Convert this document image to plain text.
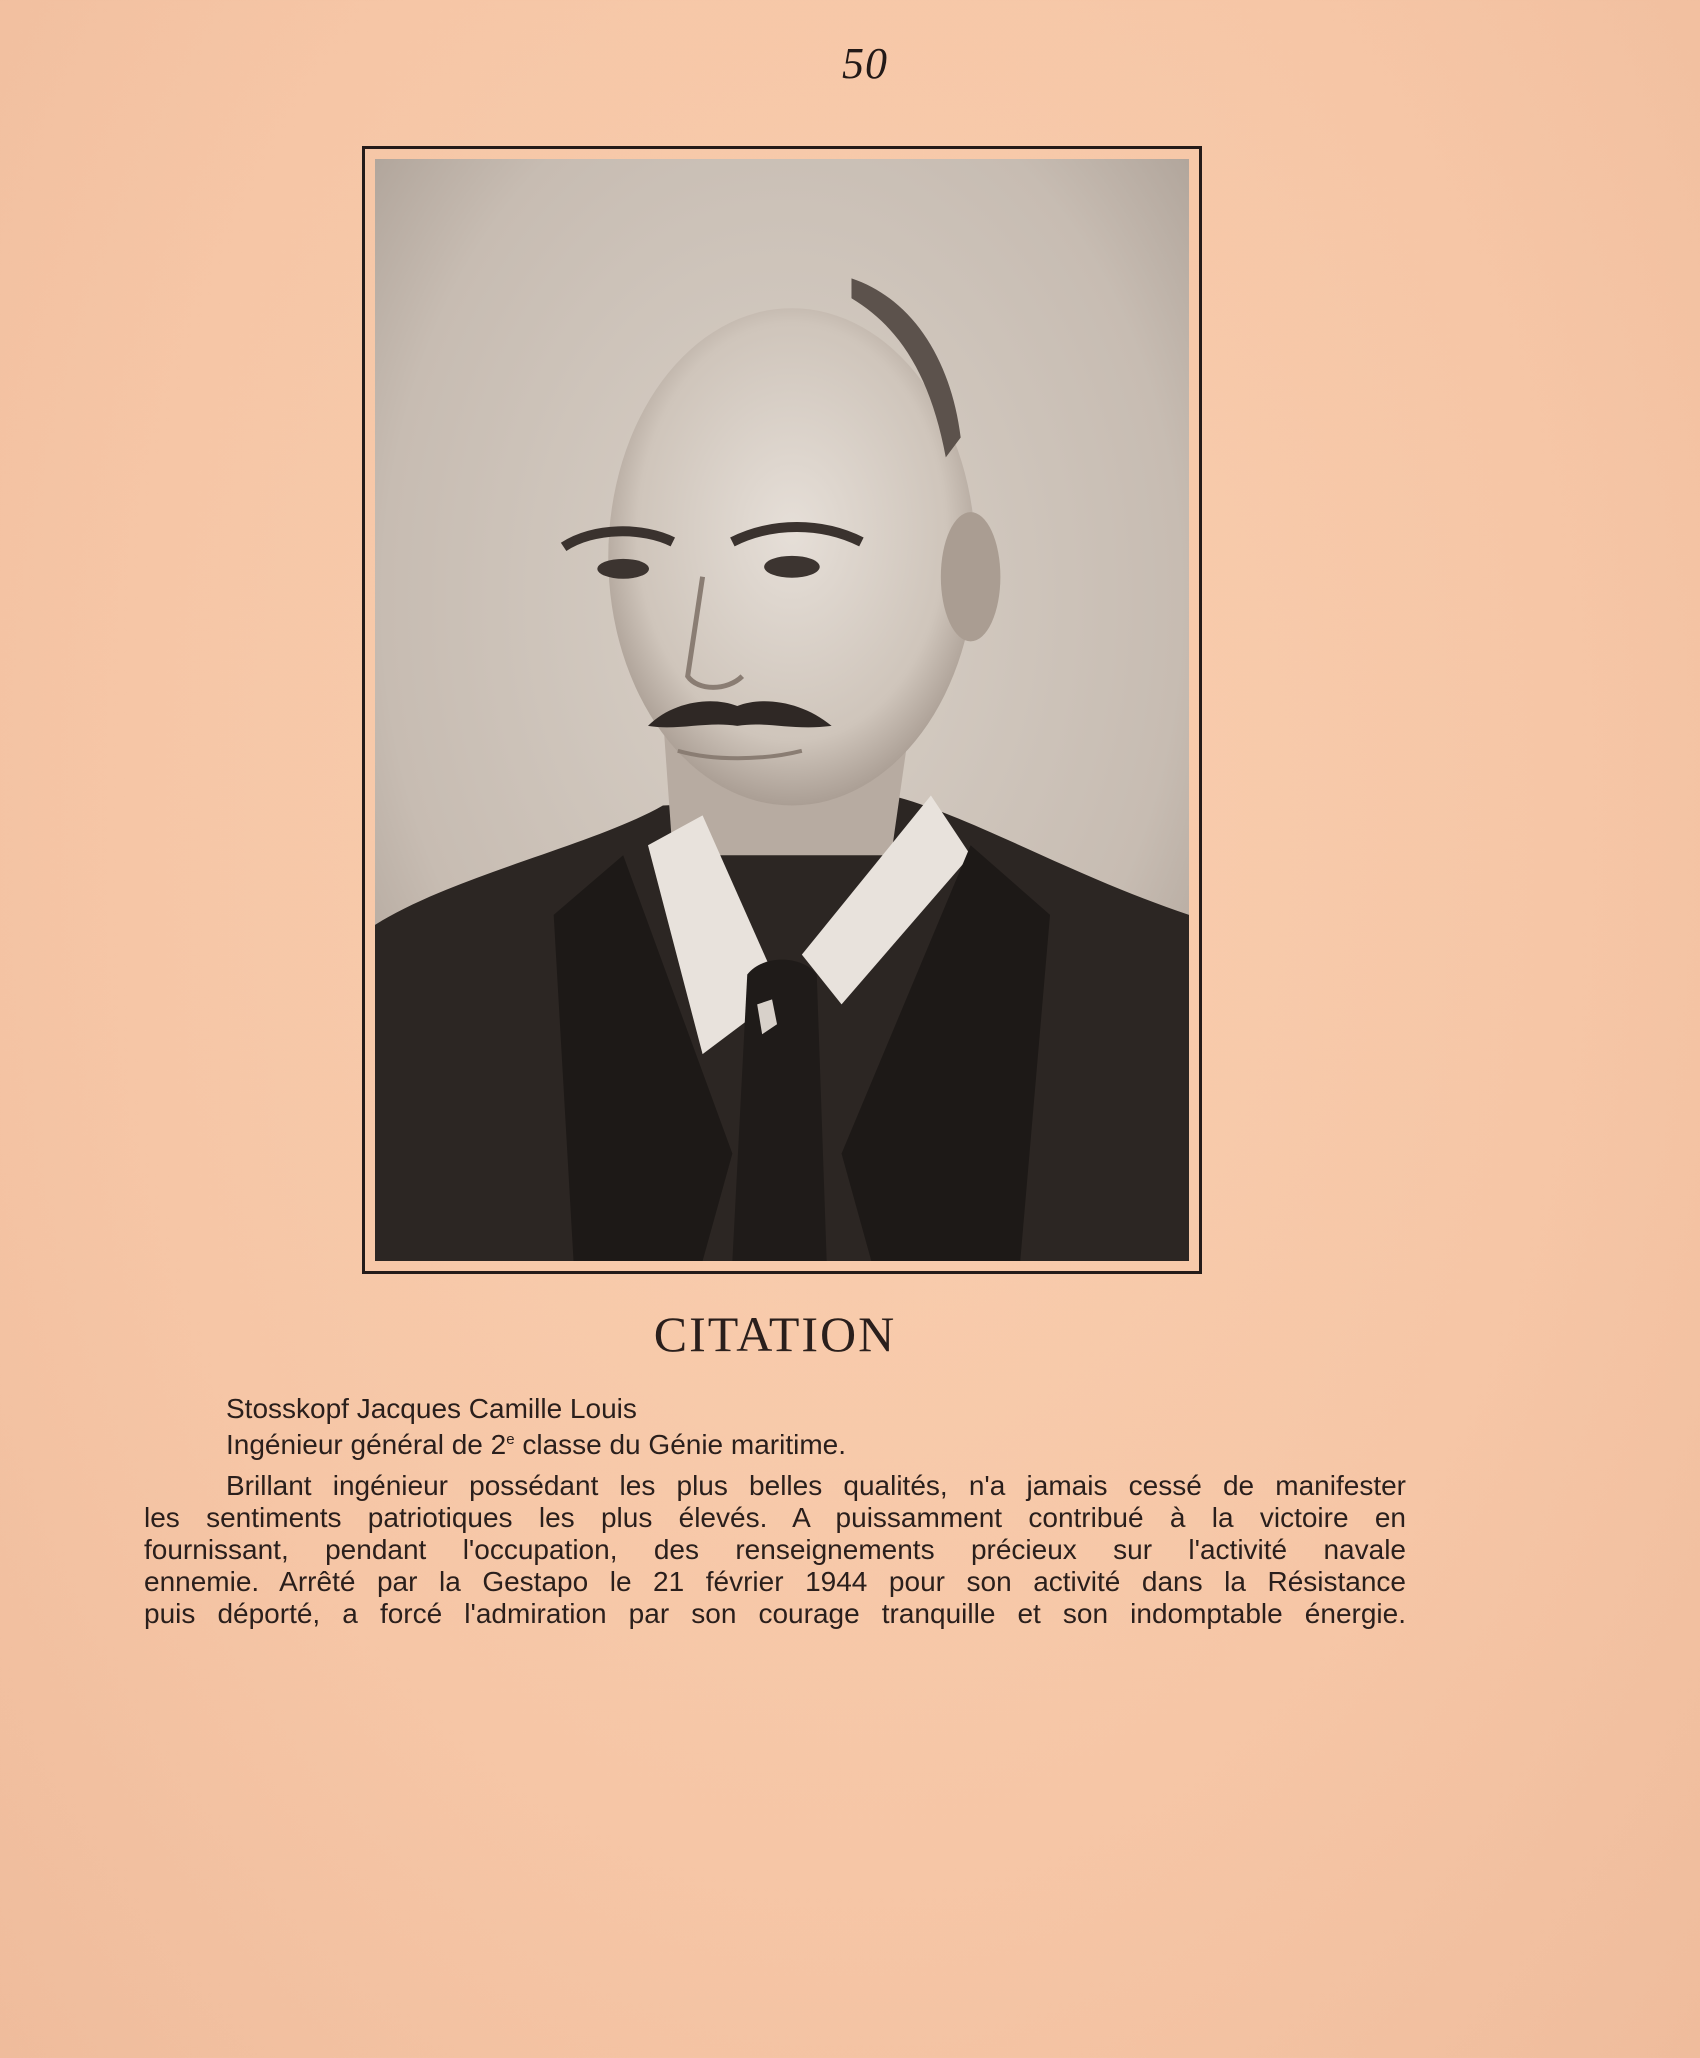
50
CITATION
Stosskopf Jacques Camille Louis
Ingénieur général de 2e classe du Génie maritime.
Brillant ingénieur possédant les plus belles qualités, n'a jamais cessé de manifester
les sentiments patriotiques les plus élevés. A puissamment contribué à la victoire en
fournissant, pendant l'occupation, des renseignements précieux sur l'activité navale
ennemie. Arrêté par la Gestapo le 21 février 1944 pour son activité dans la Résistance
puis déporté, a forcé l'admiration par son courage tranquille et son indomptable énergie.
